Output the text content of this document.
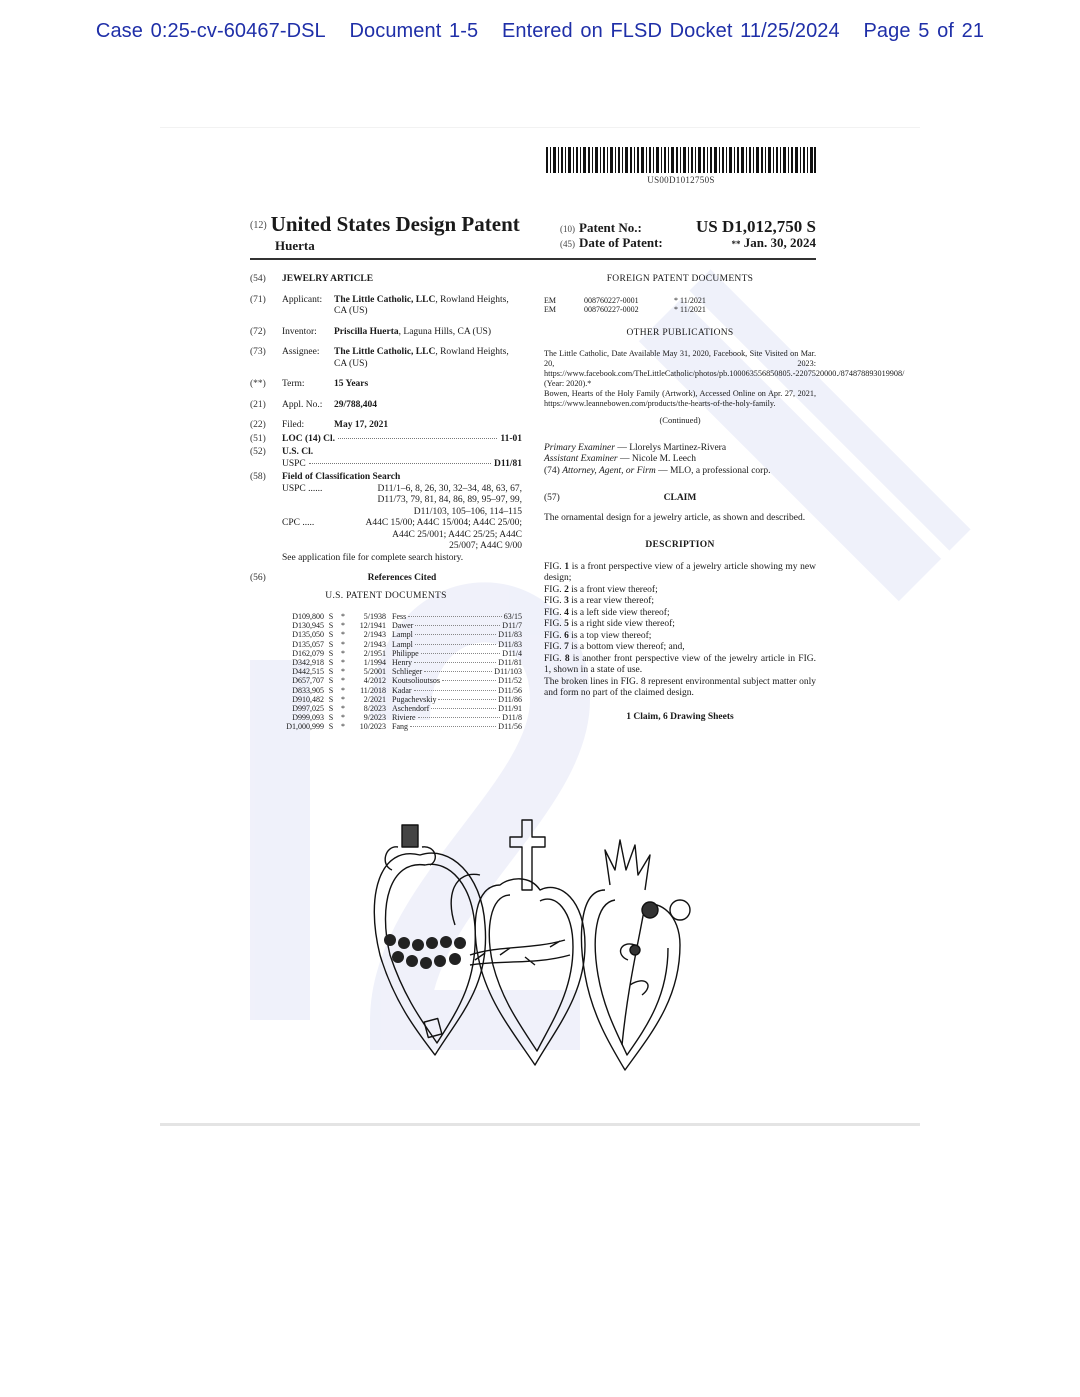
Case 0:25-cv-60467-DSL Document 1-5 Entered on FLSD Docket 11/25/2024 Page 5 of 21
US00D1012750S
(12) United States Design Patent
Huerta
(10) Patent No.:	US D1,012,750 S
(45) Date of Patent:	** Jan. 30, 2024
(54)	JEWELRY ARTICLE
(71)	Applicant:	The Little Catholic, LLC, Rowland Heights, CA (US)
(72)	Inventor:	Priscilla Huerta, Laguna Hills, CA (US)
(73)	Assignee:	The Little Catholic, LLC, Rowland Heights, CA (US)
(**)	Term:	15 Years
(21)	Appl. No.:	29/788,404
(22)	Filed:	May 17, 2021
(51)	LOC (14) Cl.	11-01
(52)	U.S. Cl.
USPC	D11/81
(58)	Field of Classification Search
USPC ......	D11/1–6, 8, 26, 30, 32–34, 48, 63, 67,
D11/73, 79, 81, 84, 86, 89, 95–97, 99,
D11/103, 105–106, 114–115
CPC .....	A44C 15/00; A44C 15/004; A44C 25/00;
A44C 25/001; A44C 25/25; A44C
25/007; A44C 9/00
See application file for complete search history.
(56)	References Cited
U.S. PATENT DOCUMENTS
D109,800 S *	5/1938 Fess	63/15
D130,945 S *	12/1941 Dawer	D11/7
D135,050 S *	2/1943 Lampl	D11/83
D135,057 S *	2/1943 Lampl	D11/83
D162,079 S *	2/1951 Philippe	D11/4
D342,918 S *	1/1994 Henry	D11/81
D442,515 S *	5/2001 Schlieger	D11/103
D657,707 S *	4/2012 Koutsolioutsos	D11/52
D833,905 S *	11/2018 Kadar	D11/56
D910,482 S *	2/2021 Pugachevskiy	D11/86
D997,025 S *	8/2023 Aschendorf	D11/91
D999,093 S *	9/2023 Riviere	D11/8
D1,000,999 S *	10/2023 Fang	D11/56
FOREIGN PATENT DOCUMENTS
EM	008760227-0001	* 11/2021
EM	008760227-0002	* 11/2021
OTHER PUBLICATIONS
The Little Catholic, Date Available May 31, 2020, Facebook, Site Visited on Mar. 20, 2023: https://www.facebook.com/TheLittleCatholic/photos/pb.100063556850805.-2207520000./874878893019908/ (Year: 2020).*
Bowen, Hearts of the Holy Family (Artwork), Accessed Online on Apr. 27, 2021, https://www.leannebowen.com/products/the-hearts-of-the-holy-family.
(Continued)
Primary Examiner — Llorelys Martinez-Rivera
Assistant Examiner — Nicole M. Leech
(74) Attorney, Agent, or Firm — MLO, a professional corp.
(57)	CLAIM
The ornamental design for a jewelry article, as shown and described.
DESCRIPTION

FIG. 1 is a front perspective view of a jewelry article showing my new design;

FIG. 2 is a front view thereof;

FIG. 3 is a rear view thereof;

FIG. 4 is a left side view thereof;

FIG. 5 is a right side view thereof;

FIG. 6 is a top view thereof;

FIG. 7 is a bottom view thereof; and,

FIG. 8 is another front perspective view of the jewelry article in FIG. 1, shown in a state of use.

The broken lines in FIG. 8 represent environmental subject matter only and form no part of the claimed design.

1 Claim, 6 Drawing Sheets
